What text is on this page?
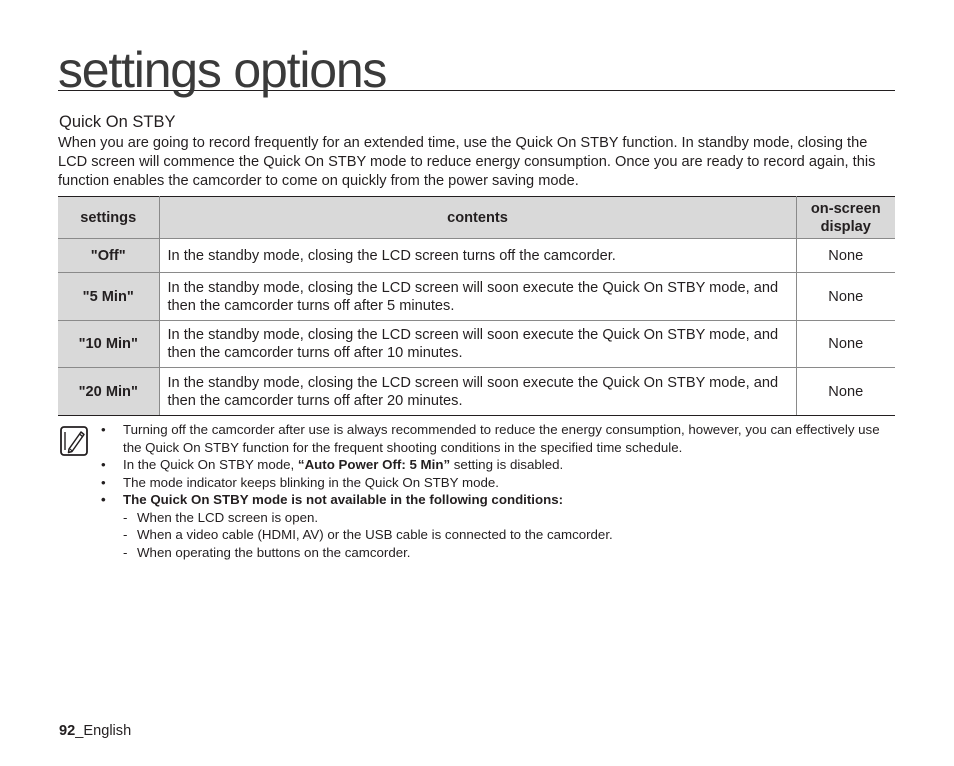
settings options
Quick On STBY

When you are going to record frequently for an extended time, use the Quick On STBY function. In standby mode, closing the LCD screen will commence the Quick On STBY mode to reduce energy consumption. Once you are ready to record again, this function enables the camcorder to come on quickly from the power saving mode.

settings	contents	on-screen display
"Off"	In the standby mode, closing the LCD screen turns off the camcorder.	None
"5 Min"	In the standby mode, closing the LCD screen will soon execute the Quick On STBY mode, and then the camcorder turns off after 5 minutes.	None
"10 Min"	In the standby mode, closing the LCD screen will soon execute the Quick On STBY mode, and then the camcorder turns off after 10 minutes.	None
"20 Min"	In the standby mode, closing the LCD screen will soon execute the Quick On STBY mode, and then the camcorder turns off after 20 minutes.	None
• Turning off the camcorder after use is always recommended to reduce the energy consumption, however, you can effectively use the Quick On STBY function for the frequent shooting conditions in the specified time schedule.
• In the Quick On STBY mode, “Auto Power Off: 5 Min” setting is disabled.
• The mode indicator keeps blinking in the Quick On STBY mode.
• The Quick On STBY mode is not available in the following conditions:
- When the LCD screen is open.
- When a video cable (HDMI, AV) or the USB cable is connected to the camcorder.
- When operating the buttons on the camcorder.
92_English
